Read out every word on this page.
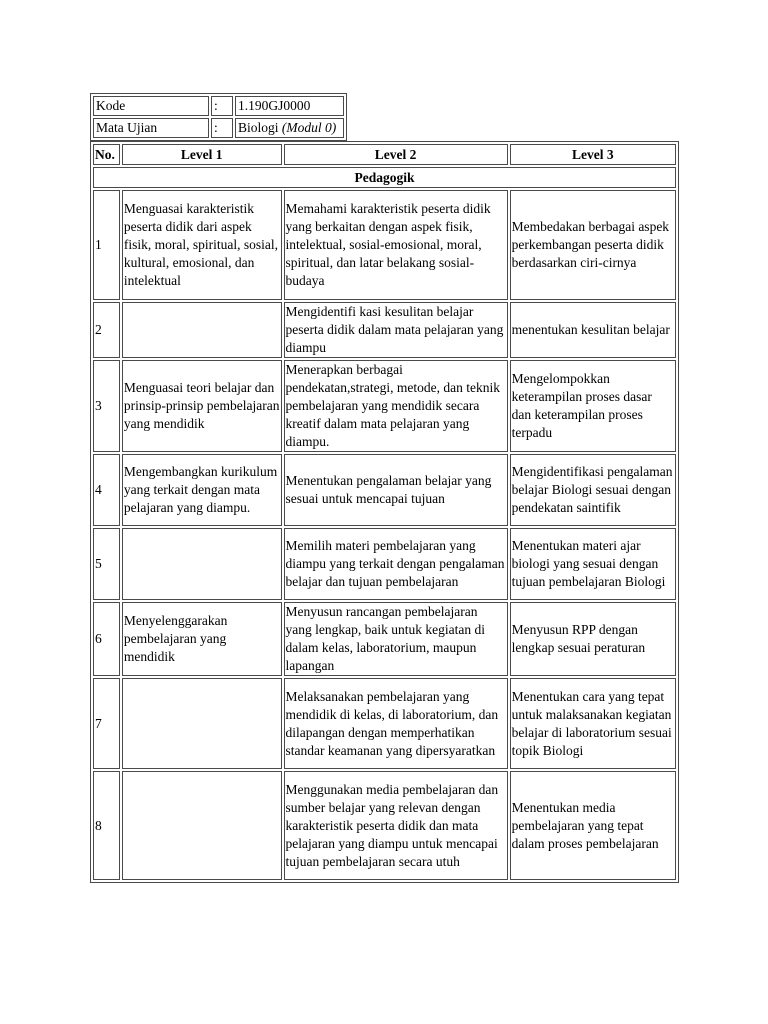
Kode	:	1.190GJ0000
Mata Ujian	:	Biologi (Modul 0)
No.	Level 1	Level 2	Level 3
Pedagogik			
1	Menguasai karakteristik peserta didik dari aspek fisik, moral, spiritual, sosial, kultural, emosional, dan intelektual	Memahami karakteristik peserta didik yang berkaitan dengan aspek fisik, intelektual, sosial-emosional, moral, spiritual, dan latar belakang sosial- budaya	Membedakan berbagai aspek perkembangan peserta didik berdasarkan ciri-cirnya
2		Mengidentifi kasi kesulitan belajar peserta didik dalam mata pelajaran yang diampu	menentukan kesulitan belajar
3	Menguasai teori belajar dan prinsip-prinsip pembelajaran yang mendidik	Menerapkan berbagai pendekatan,strategi, metode, dan teknik pembelajaran yang mendidik secara kreatif dalam mata pelajaran yang diampu.	Mengelompokkan keterampilan proses dasar dan keterampilan proses terpadu
4	Mengembangkan kurikulum yang terkait dengan mata pelajaran yang diampu.	Menentukan pengalaman belajar yang sesuai untuk mencapai tujuan	Mengidentifikasi pengalaman belajar Biologi sesuai dengan pendekatan saintifik
5		Memilih materi pembelajaran yang diampu yang terkait dengan pengalaman belajar dan tujuan pembelajaran	Menentukan materi ajar biologi yang sesuai dengan tujuan pembelajaran Biologi
6	Menyelenggarakan pembelajaran yang mendidik	Menyusun rancangan pembelajaran yang lengkap, baik untuk kegiatan di dalam kelas, laboratorium, maupun lapangan	Menyusun RPP dengan lengkap sesuai peraturan
7		Melaksanakan pembelajaran yang mendidik di kelas, di laboratorium, dan dilapangan dengan memperhatikan standar keamanan yang dipersyaratkan	Menentukan cara yang tepat untuk malaksanakan kegiatan belajar di laboratorium sesuai topik Biologi
8		Menggunakan media pembelajaran dan sumber belajar yang relevan dengan karakteristik peserta didik dan mata pelajaran yang diampu untuk mencapai tujuan pembelajaran secara utuh	Menentukan media pembelajaran yang tepat dalam proses pembelajaran
